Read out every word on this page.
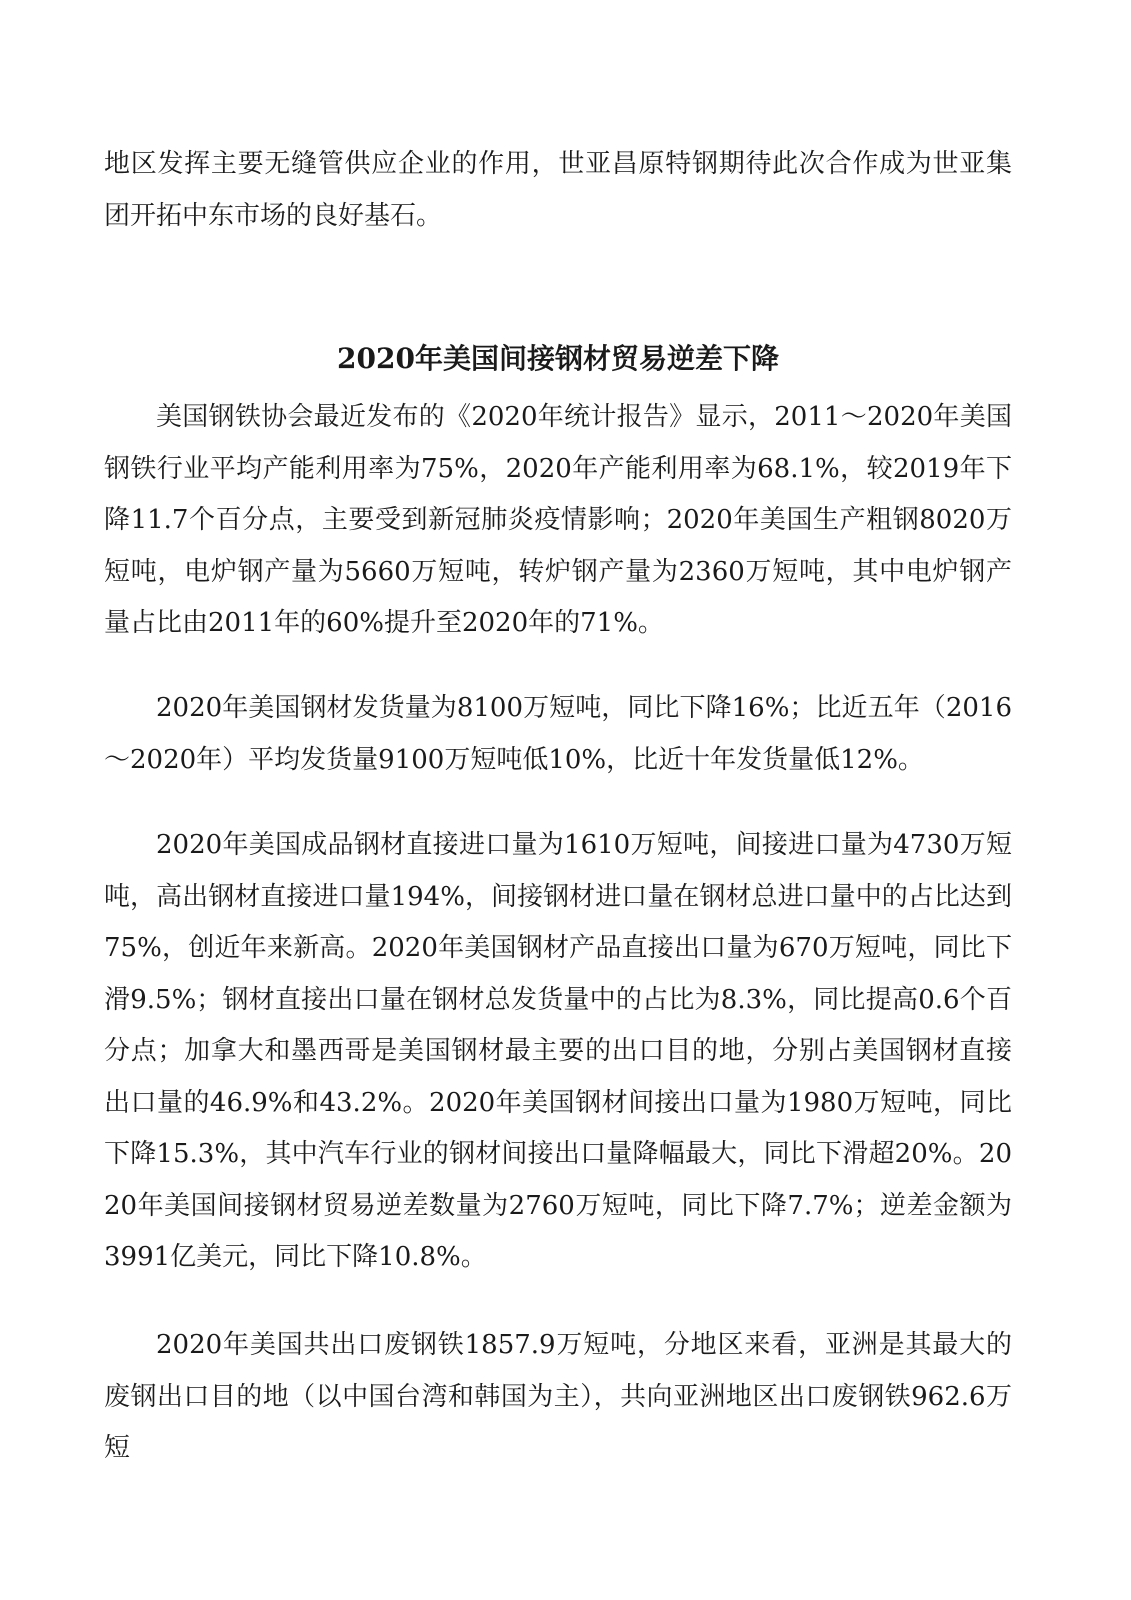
地区发挥主要无缝管供应企业的作用，世亚昌原特钢期待此次合作成为世亚集团开拓中东市场的良好基石。

2020年美国间接钢材贸易逆差下降

美国钢铁协会最近发布的《2020年统计报告》显示，2011～2020年美国钢铁行业平均产能利用率为75%，2020年产能利用率为68.1%，较2019年下降11.7个百分点，主要受到新冠肺炎疫情影响；2020年美国生产粗钢8020万短吨，电炉钢产量为5660万短吨，转炉钢产量为2360万短吨，其中电炉钢产量占比由2011年的60%提升至2020年的71%。

2020年美国钢材发货量为8100万短吨，同比下降16%；比近五年（2016～2020年）平均发货量9100万短吨低10%，比近十年发货量低12%。

2020年美国成品钢材直接进口量为1610万短吨，间接进口量为4730万短吨，高出钢材直接进口量194%，间接钢材进口量在钢材总进口量中的占比达到75%，创近年来新高。2020年美国钢材产品直接出口量为670万短吨，同比下滑9.5%；钢材直接出口量在钢材总发货量中的占比为8.3%，同比提高0.6个百分点；加拿大和墨西哥是美国钢材最主要的出口目的地，分别占美国钢材直接出口量的46.9%和43.2%。2020年美国钢材间接出口量为1980万短吨，同比下降15.3%，其中汽车行业的钢材间接出口量降幅最大，同比下滑超20%。2020年美国间接钢材贸易逆差数量为2760万短吨，同比下降7.7%；逆差金额为3991亿美元，同比下降10.8%。

2020年美国共出口废钢铁1857.9万短吨，分地区来看，亚洲是其最大的废钢出口目的地（以中国台湾和韩国为主），共向亚洲地区出口废钢铁962.6万短
